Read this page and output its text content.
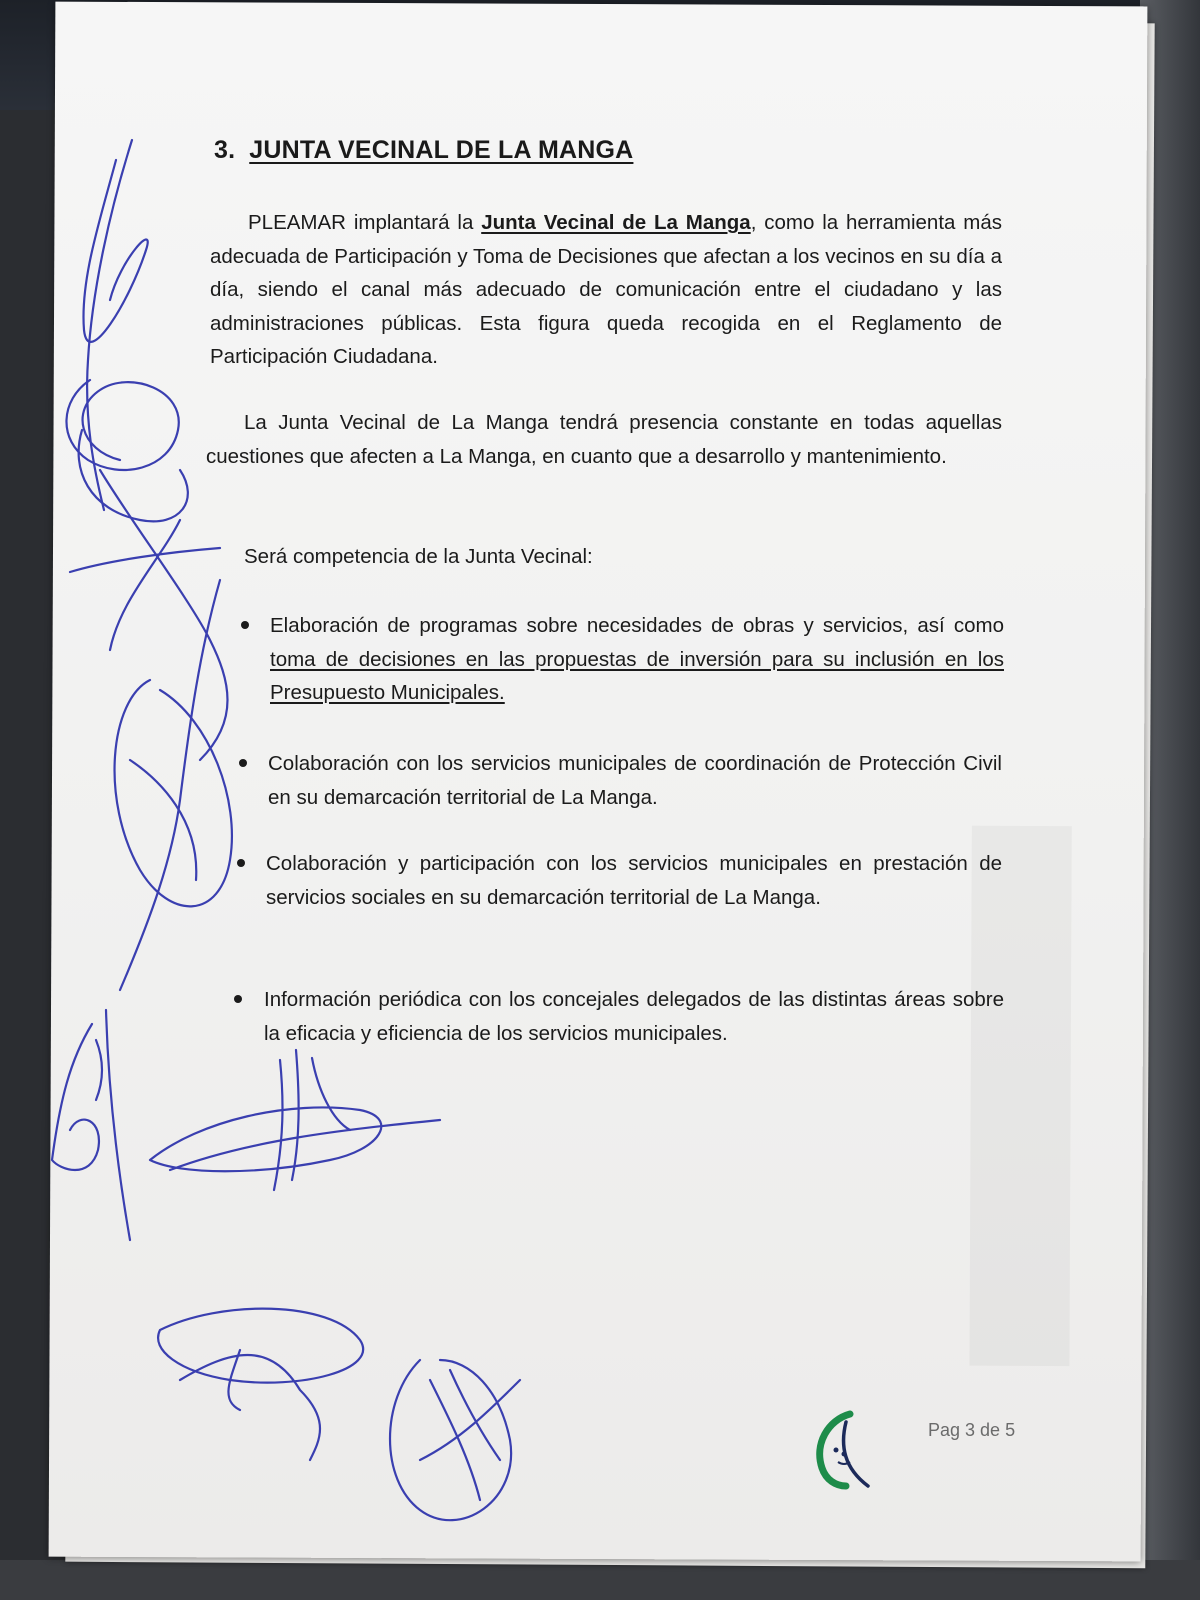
3. JUNTA VECINAL DE LA MANGA
PLEAMAR implantará la Junta Vecinal de La Manga, como la herramienta más adecuada de Participación y Toma de Decisiones que afectan a los vecinos en su día a día, siendo el canal más adecuado de comunicación entre el ciudadano y las administraciones públicas. Esta figura queda recogida en el Reglamento de Participación Ciudadana.
La Junta Vecinal de La Manga tendrá presencia constante en todas aquellas cuestiones que afecten a La Manga, en cuanto que a desarrollo y mantenimiento.
Será competencia de la Junta Vecinal:
Elaboración de programas sobre necesidades de obras y servicios, así como toma de decisiones en las propuestas de inversión para su inclusión en los Presupuesto Municipales.
Colaboración con los servicios municipales de coordinación de Protección Civil en su demarcación territorial de La Manga.
Colaboración y participación con los servicios municipales en prestación de servicios sociales en su demarcación territorial de La Manga.
Información periódica con los concejales delegados de las distintas áreas sobre la eficacia y eficiencia de los servicios municipales.
Pag 3 de 5
